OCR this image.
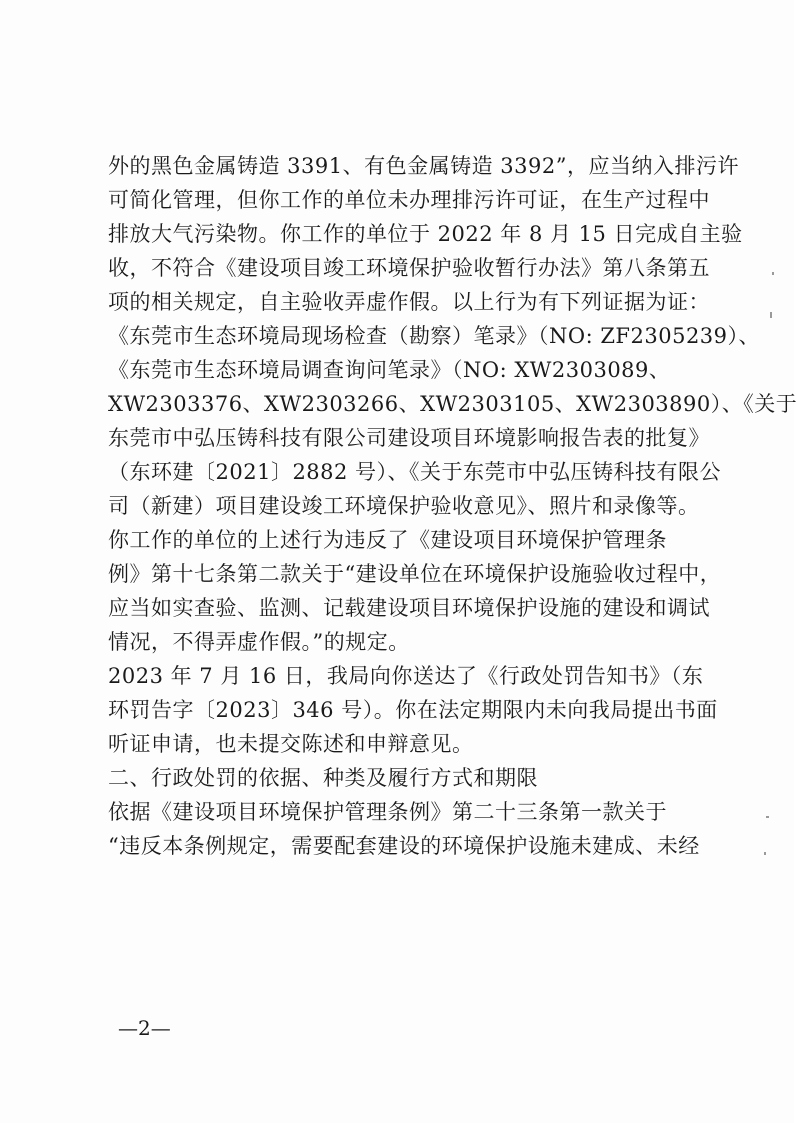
外的黑色金属铸造 3391、有色金属铸造 3392”，应当纳入排污许
可简化管理，但你工作的单位未办理排污许可证，在生产过程中
排放大气污染物。你工作的单位于 2022 年 8 月 15 日完成自主验
收，不符合《建设项目竣工环境保护验收暂行办法》第八条第五
项的相关规定，自主验收弄虚作假。以上行为有下列证据为证：
《东莞市生态环境局现场检查（勘察）笔录》（NO: ZF2305239）、
《东莞市生态环境局调查询问笔录》（NO: XW2303089、
XW2303376、XW2303266、XW2303105、XW2303890）、《关于
东莞市中弘压铸科技有限公司建设项目环境影响报告表的批复》
（东环建〔2021〕2882 号）、《关于东莞市中弘压铸科技有限公
司（新建）项目建设竣工环境保护验收意见》、照片和录像等。
你工作的单位的上述行为违反了《建设项目环境保护管理条
例》第十七条第二款关于“建设单位在环境保护设施验收过程中，
应当如实查验、监测、记载建设项目环境保护设施的建设和调试
情况，不得弄虚作假。”的规定。
2023 年 7 月 16 日，我局向你送达了《行政处罚告知书》（东
环罚告字〔2023〕346 号）。你在法定期限内未向我局提出书面
听证申请，也未提交陈述和申辩意见。
二、行政处罚的依据、种类及履行方式和期限
依据《建设项目环境保护管理条例》第二十三条第一款关于
“违反本条例规定，需要配套建设的环境保护设施未建成、未经
—2—
